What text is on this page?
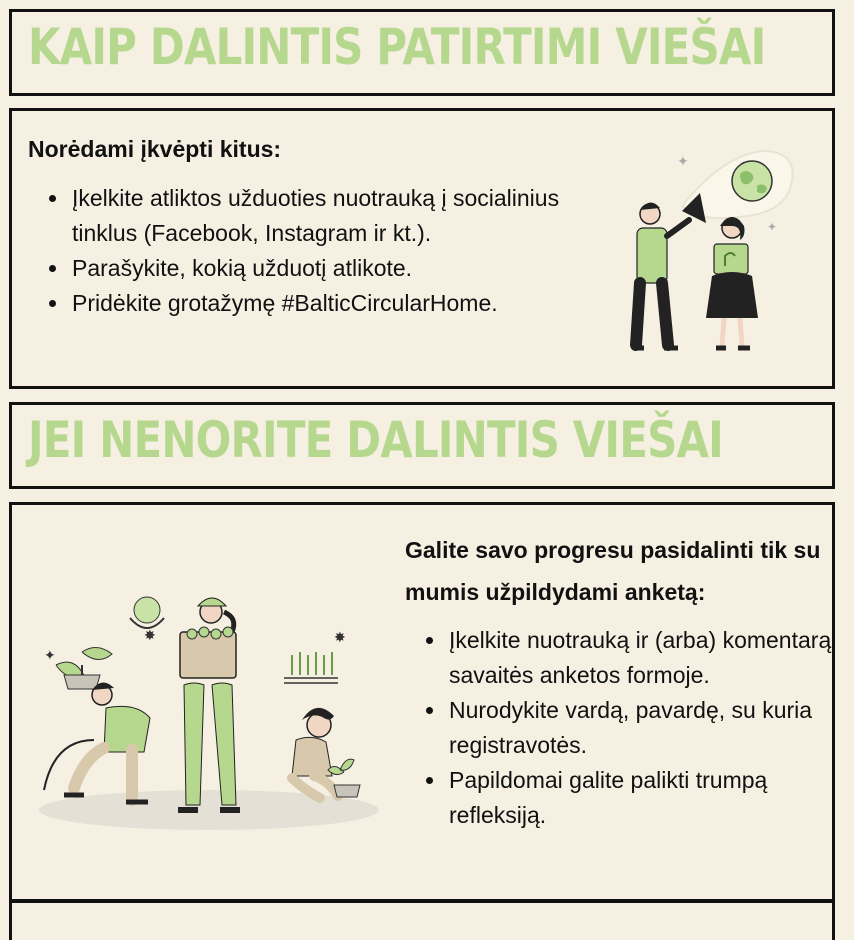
KAIP DALINTIS PATIRTIMI VIEŠAI

Norėdami įkvėpti kitus:

• Įkelkite atliktos užduoties nuotrauką į socialinius tinklus (Facebook, Instagram ir kt.).
• Parašykite, kokią užduotį atlikote.
• Pridėkite grotažymę #BalticCircularHome.
✦
✦
JEI NENORITE DALINTIS VIEŠAI
✦
✸	✸

Galite savo progresu pasidalinti tik su mumis užpildydami anketą:

• Įkelkite nuotrauką ir (arba) komentarą savaitės anketos formoje.
• Nurodykite vardą, pavardę, su kuria registravotės.
• Papildomai galite palikti trumpą refleksiją.
